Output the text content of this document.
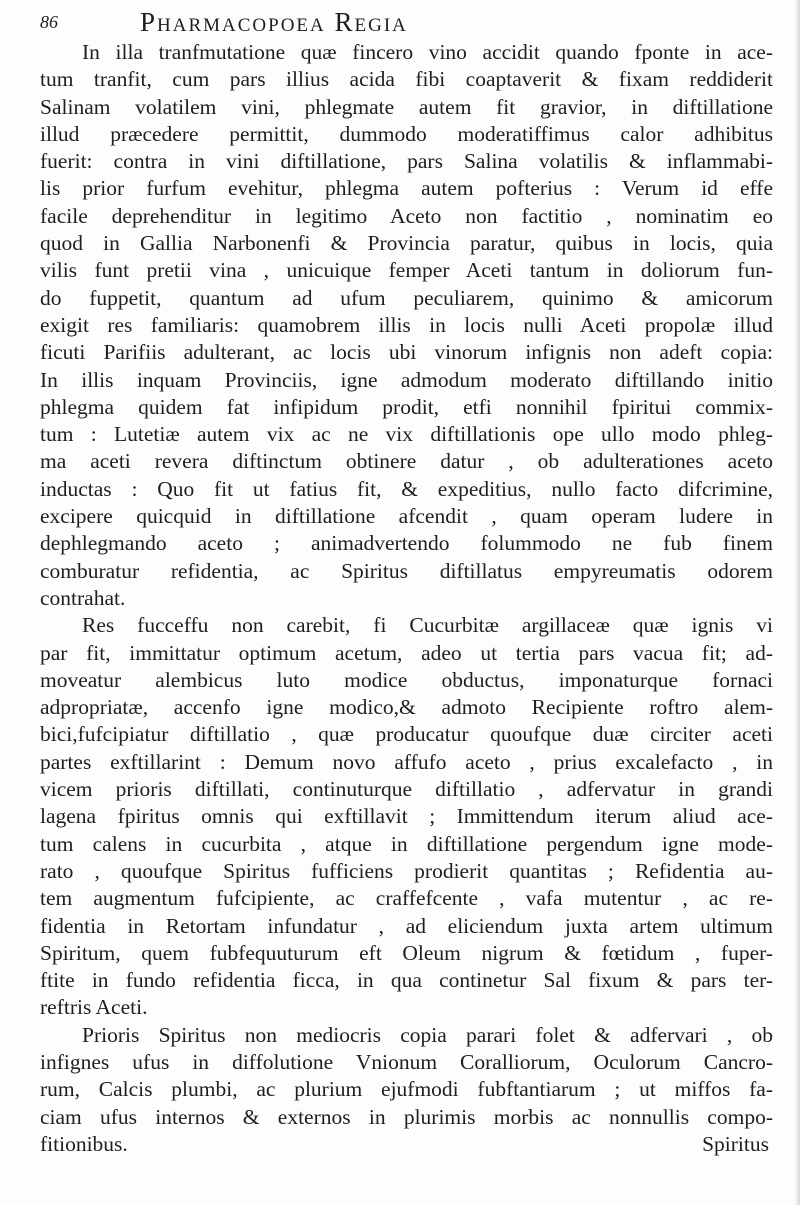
86	Pharmacopoea Regia
In illa tranfmutatione quæ fincero vino accidit quando fponte in ace-
tum tranfit, cum pars illius acida fibi coaptaverit & fixam reddiderit
Salinam volatilem vini, phlegmate autem fit gravior, in diftillatione
illud præcedere permittit, dummodo moderatiffimus calor adhibitus
fuerit: contra in vini diftillatione, pars Salina volatilis & inflammabi-
lis prior furfum evehitur, phlegma autem pofterius : Verum id effe
facile deprehenditur in legitimo Aceto non factitio , nominatim eo
quod in Gallia Narbonenfi & Provincia paratur, quibus in locis, quia
vilis funt pretii vina , unicuique femper Aceti tantum in doliorum fun-
do fuppetit, quantum ad ufum peculiarem, quinimo & amicorum
exigit res familiaris: quamobrem illis in locis nulli Aceti propolæ illud
ficuti Parifiis adulterant, ac locis ubi vinorum infignis non adeft copia:
In illis inquam Provinciis, igne admodum moderato diftillando initio
phlegma quidem fat infipidum prodit, etfi nonnihil fpiritui commix-
tum : Lutetiæ autem vix ac ne vix diftillationis ope ullo modo phleg-
ma aceti revera diftinctum obtinere datur , ob adulterationes aceto
inductas : Quo fit ut fatius fit, & expeditius, nullo facto difcrimine,
excipere quicquid in diftillatione afcendit , quam operam ludere in
dephlegmando aceto ; animadvertendo folummodo ne fub finem
comburatur refidentia, ac Spiritus diftillatus empyreumatis odorem
contrahat.
Res fucceffu non carebit, fi Cucurbitæ argillaceæ quæ ignis vi
par fit, immittatur optimum acetum, adeo ut tertia pars vacua fit; ad-
moveatur alembicus luto modice obductus, imponaturque fornaci
adpropriatæ, accenfo igne modico,& admoto Recipiente roftro alem-
bici,fufcipiatur diftillatio , quæ producatur quoufque duæ circiter aceti
partes exftillarint : Demum novo affufo aceto , prius excalefacto , in
vicem prioris diftillati, continuturque diftillatio , adfervatur in grandi
lagena fpiritus omnis qui exftillavit ; Immittendum iterum aliud ace-
tum calens in cucurbita , atque in diftillatione pergendum igne mode-
rato , quoufque Spiritus fufficiens prodierit quantitas ; Refidentia au-
tem augmentum fufcipiente, ac craffefcente , vafa mutentur , ac re-
fidentia in Retortam infundatur , ad eliciendum juxta artem ultimum
Spiritum, quem fubfequuturum eft Oleum nigrum & fœtidum , fuper-
ftite in fundo refidentia ficca, in qua continetur Sal fixum & pars ter-
reftris Aceti.
Prioris Spiritus non mediocris copia parari folet & adfervari , ob
infignes ufus in diffolutione Vnionum Coralliorum, Oculorum Cancro-
rum, Calcis plumbi, ac plurium ejufmodi fubftantiarum ; ut miffos fa-
ciam ufus internos & externos in plurimis morbis ac nonnullis compo-
fitionibus.	Spiritus
